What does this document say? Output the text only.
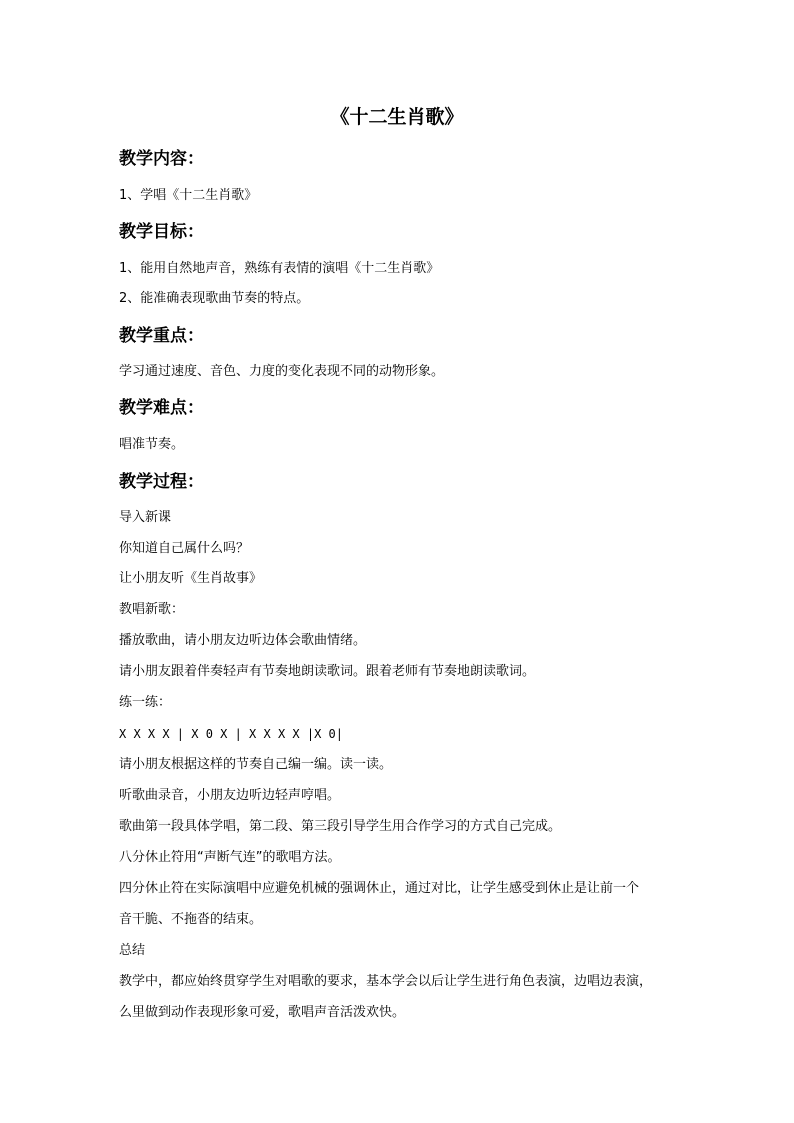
《十二生肖歌》
教学内容：
1、学唱《十二生肖歌》
教学目标：
1、能用自然地声音，熟练有表情的演唱《十二生肖歌》
2、能准确表现歌曲节奏的特点。
教学重点：
学习通过速度、音色、力度的变化表现不同的动物形象。
教学难点：
唱准节奏。
教学过程：
导入新课
你知道自己属什么吗？
让小朋友听《生肖故事》
教唱新歌：
播放歌曲，请小朋友边听边体会歌曲情绪。
请小朋友跟着伴奏轻声有节奏地朗读歌词。跟着老师有节奏地朗读歌词。
练一练：
X X X X | X 0 X | X X X X |X 0|
请小朋友根据这样的节奏自己编一编。读一读。
听歌曲录音，小朋友边听边轻声哼唱。
歌曲第一段具体学唱，第二段、第三段引导学生用合作学习的方式自己完成。
八分休止符用“声断气连”的歌唱方法。
四分休止符在实际演唱中应避免机械的强调休止，通过对比，让学生感受到休止是让前一个
音干脆、不拖沓的结束。
总结
教学中，都应始终贯穿学生对唱歌的要求，基本学会以后让学生进行角色表演，边唱边表演，
么里做到动作表现形象可爱，歌唱声音活泼欢快。
